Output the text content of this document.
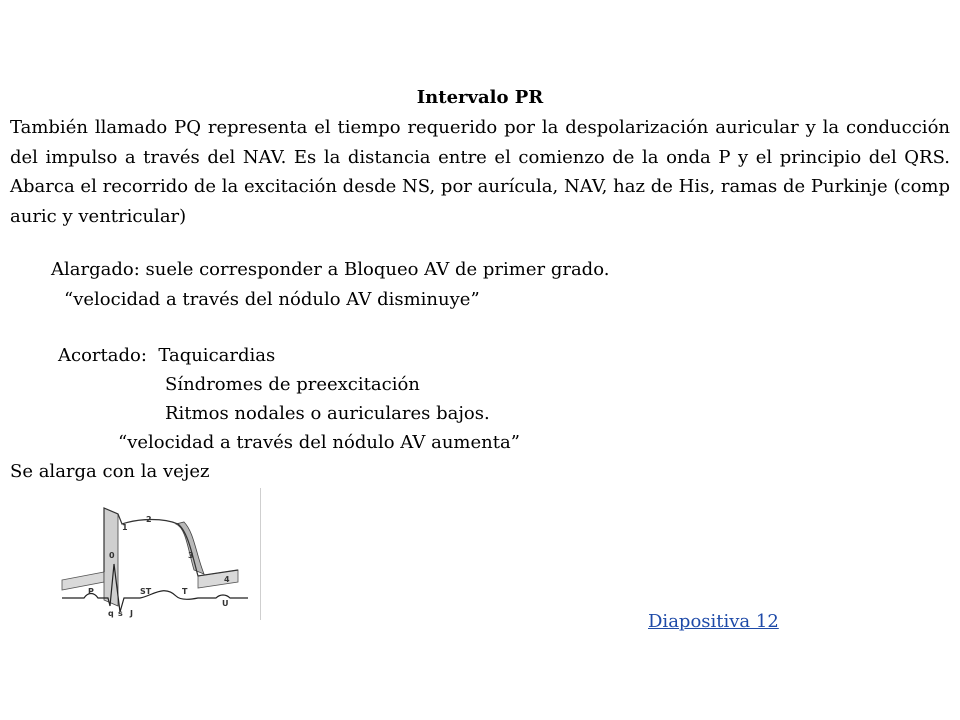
Intervalo PR

También llamado PQ representa el tiempo requerido por la despolarización auricular y la conducción del impulso a través del NAV. Es la distancia entre el comienzo de la onda P y el principio del QRS. Abarca el recorrido de la excitación desde NS, por aurícula, NAV, haz de His, ramas de Purkinje (comp auric y ventricular)

Alargado: suele corresponder a Bloqueo AV de primer grado.
“velocidad a través del nódulo AV disminuye”
Acortado:  Taquicardias
Síndromes de preexcitación
Ritmos nodales o auriculares bajos.
“velocidad a través del nódulo AV aumenta”
Se alarga con la vejez
0
1
2
3
4
P
q s J
ST	T
U
Diapositiva 12
